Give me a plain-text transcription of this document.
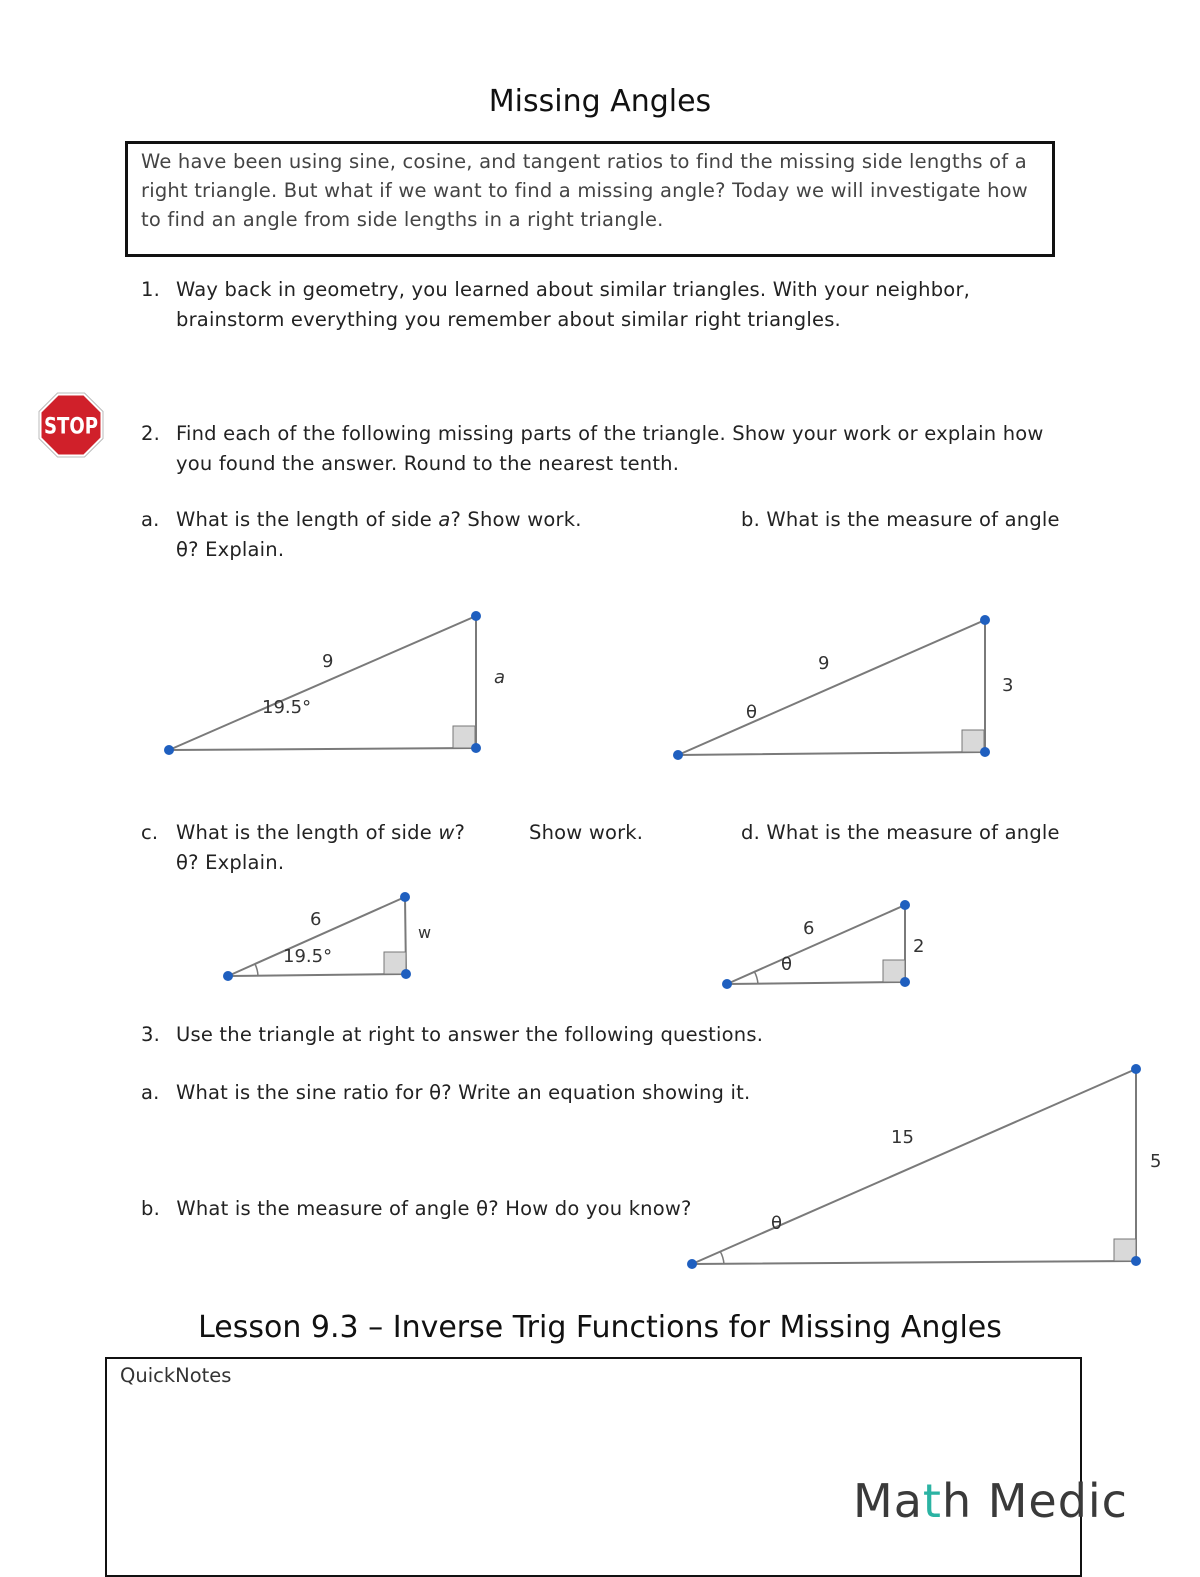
Missing Angles
We have been using sine, cosine, and tangent ratios to find the missing side lengths of a right triangle. But what if we want to find a missing angle? Today we will investigate how to find an angle from side lengths in a right triangle.
1. Way back in geometry, you learned about similar triangles. With your neighbor, brainstorm everything you remember about similar right triangles.
STOP 2. Find each of the following missing parts of the triangle. Show your work or explain how you found the answer. Round to the nearest tenth.
a. What is the length of side a? Show work.
θ? Explain.
b. What is the measure of angle
c. What is the length of side w?	Show work.
θ? Explain.
d. What is the measure of angle
9
19.5°
a
9
θ
3
6
19.5°
w	6
θ
2
3. Use the triangle at right to answer the following questions.
a. What is the sine ratio for θ? Write an equation showing it.
b. What is the measure of angle θ? How do you know?
15
θ
5
Lesson 9.3 – Inverse Trig Functions for Missing Angles
QuickNotes
Math Medic
